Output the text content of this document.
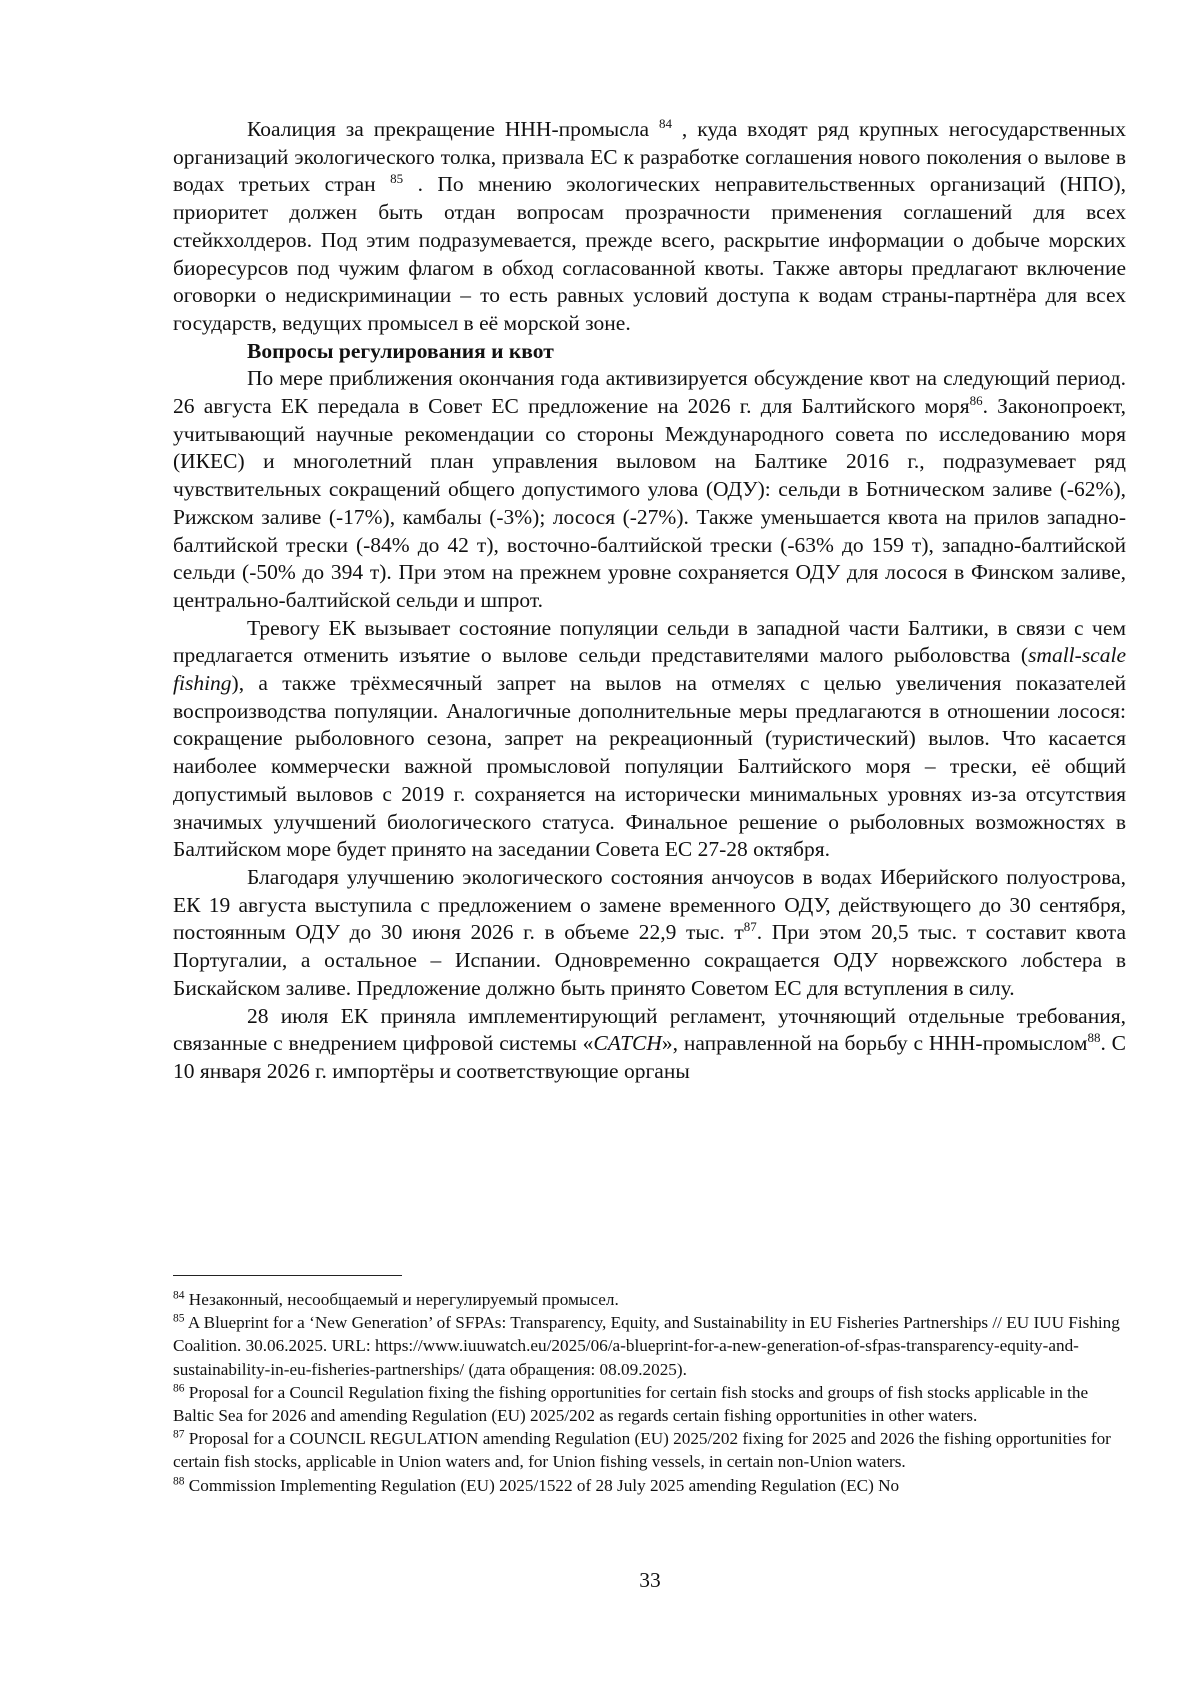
Коалиция за прекращение ННН-промысла $^{84}$ , куда входят ряд крупных негосударственных организаций экологического толка, призвала ЕС к разработке соглашения нового поколения о вылове в водах третьих стран $^{85}$ . По мнению экологических неправительственных организаций (НПО), приоритет должен быть отдан вопросам прозрачности применения соглашений для всех стейкхолдеров. Под этим подразумевается, прежде всего, раскрытие информации о добыче морских биоресурсов под чужим флагом в обход согласованной квоты. Также авторы предлагают включение оговорки о недискриминации – то есть равных условий доступа к водам страны-партнёра для всех государств, ведущих промысел в её морской зоне.

Вопросы регулирования и квот

По мере приближения окончания года активизируется обсуждение квот на следующий период. 26 августа ЕК передала в Совет ЕС предложение на 2026 г. для Балтийского моря$^{86}$. Законопроект, учитывающий научные рекомендации со стороны Международного совета по исследованию моря (ИКЕС) и многолетний план управления выловом на Балтике 2016 г., подразумевает ряд чувствительных сокращений общего допустимого улова (ОДУ): сельди в Ботническом заливе (-62%), Рижском заливе (-17%), камбалы (-3%); лосося (-27%). Также уменьшается квота на прилов западно-балтийской трески (-84% до 42 т), восточно-балтийской трески (-63% до 159 т), западно-балтийской сельди (-50% до 394 т). При этом на прежнем уровне сохраняется ОДУ для лосося в Финском заливе, центрально-балтийской сельди и шпрот.

Тревогу ЕК вызывает состояние популяции сельди в западной части Балтики, в связи с чем предлагается отменить изъятие о вылове сельди представителями малого рыболовства (small-scale fishing), а также трёхмесячный запрет на вылов на отмелях с целью увеличения показателей воспроизводства популяции. Аналогичные дополнительные меры предлагаются в отношении лосося: сокращение рыболовного сезона, запрет на рекреационный (туристический) вылов. Что касается наиболее коммерчески важной промысловой популяции Балтийского моря – трески, её общий допустимый выловов с 2019 г. сохраняется на исторически минимальных уровнях из-за отсутствия значимых улучшений биологического статуса. Финальное решение о рыболовных возможностях в Балтийском море будет принято на заседании Совета ЕС 27-28 октября.

Благодаря улучшению экологического состояния анчоусов в водах Иберийского полуострова, ЕК 19 августа выступила с предложением о замене временного ОДУ, действующего до 30 сентября, постоянным ОДУ до 30 июня 2026 г. в объеме 22,9 тыс. $т^{87}$. При этом 20,5 тыс. т составит квота Португалии, а остальное – Испании. Одновременно сокращается ОДУ норвежского лобстера в Бискайском заливе. Предложение должно быть принято Советом ЕС для вступления в силу.

28 июля ЕК приняла имплементирующий регламент, уточняющий отдельные требования, связанные с внедрением цифровой системы «CATCH», направленной на борьбу с ННН-промыслом$^{88}$. С 10 января 2026 г. импортёры и соответствующие органы

$^{84}$ Незаконный, несообщаемый и нерегулируемый промысел.

$^{85}$ A Blueprint for a ‘New Generation’ of SFPAs: Transparency, Equity, and Sustainability in EU Fisheries Partnerships // EU IUU Fishing Coalition. 30.06.2025. URL: https://www.iuuwatch.eu/2025/06/a-blueprint-for-a-new-generation-of-sfpas-transparency-equity-and-sustainability-in-eu-fisheries-partnerships/ (дата обращения: 08.09.2025).

$^{86}$ Proposal for a Council Regulation fixing the fishing opportunities for certain fish stocks and groups of fish stocks applicable in the Baltic Sea for 2026 and amending Regulation (EU) 2025/202 as regards certain fishing opportunities in other waters.

$^{87}$ Proposal for a COUNCIL REGULATION amending Regulation (EU) 2025/202 fixing for 2025 and 2026 the fishing opportunities for certain fish stocks, applicable in Union waters and, for Union fishing vessels, in certain non-Union waters.

$^{88}$ Commission Implementing Regulation (EU) 2025/1522 of 28 July 2025 amending Regulation (EC) No

33
